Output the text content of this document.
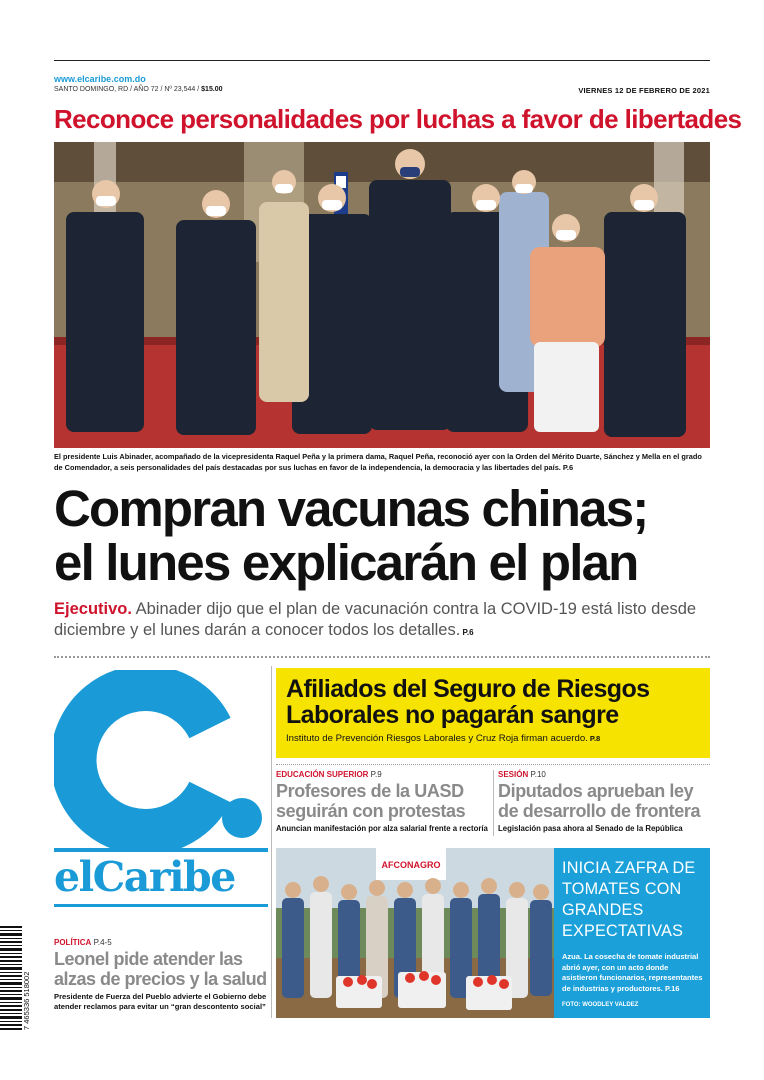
www.elcaribe.com.do
SANTO DOMINGO, RD / AÑO 72 / Nº 23,544 / $15.00	VIERNES 12 DE FEBRERO DE 2021
Reconoce personalidades por luchas a favor de libertades
El presidente Luis Abinader, acompañado de la vicepresidenta Raquel Peña y la primera dama, Raquel Peña, reconoció ayer con la Orden del Mérito Duarte, Sánchez y Mella en el grado de Comendador, a seis personalidades del país destacadas por sus luchas en favor de la independencia, la democracia y las libertades del país. P.6
Compran vacunas chinas;
el lunes explicarán el plan
Ejecutivo. Abinader dijo que el plan de vacunación contra la COVID-19 está listo desde diciembre y el lunes darán a conocer todos los detalles. P.6
elCaribe
Afiliados del Seguro de Riesgos Laborales no pagarán sangre
Instituto de Prevención Riesgos Laborales y Cruz Roja firman acuerdo. P.8
EDUCACIÓN SUPERIOR P.9
Profesores de la UASD seguirán con protestas
Anuncian manifestación por alza salarial frente a rectoría
SESIÓN P.10
Diputados aprueban ley de desarrollo de frontera
Legislación pasa ahora al Senado de la República
AFCONAGRO	INICIA ZAFRA DE TOMATES CON GRANDES EXPECTATIVAS
Azua. La cosecha de tomate industrial abrió ayer, con un acto donde asistieron funcionarios, representantes de industrias y productores. P.16
FOTO: WOODLEY VALDEZ
POLÍTICA P.4-5
Leonel pide atender las alzas de precios y la salud
Presidente de Fuerza del Pueblo advierte el Gobierno debe atender reclamos para evitar un “gran descontento social”
7 465336 518002
